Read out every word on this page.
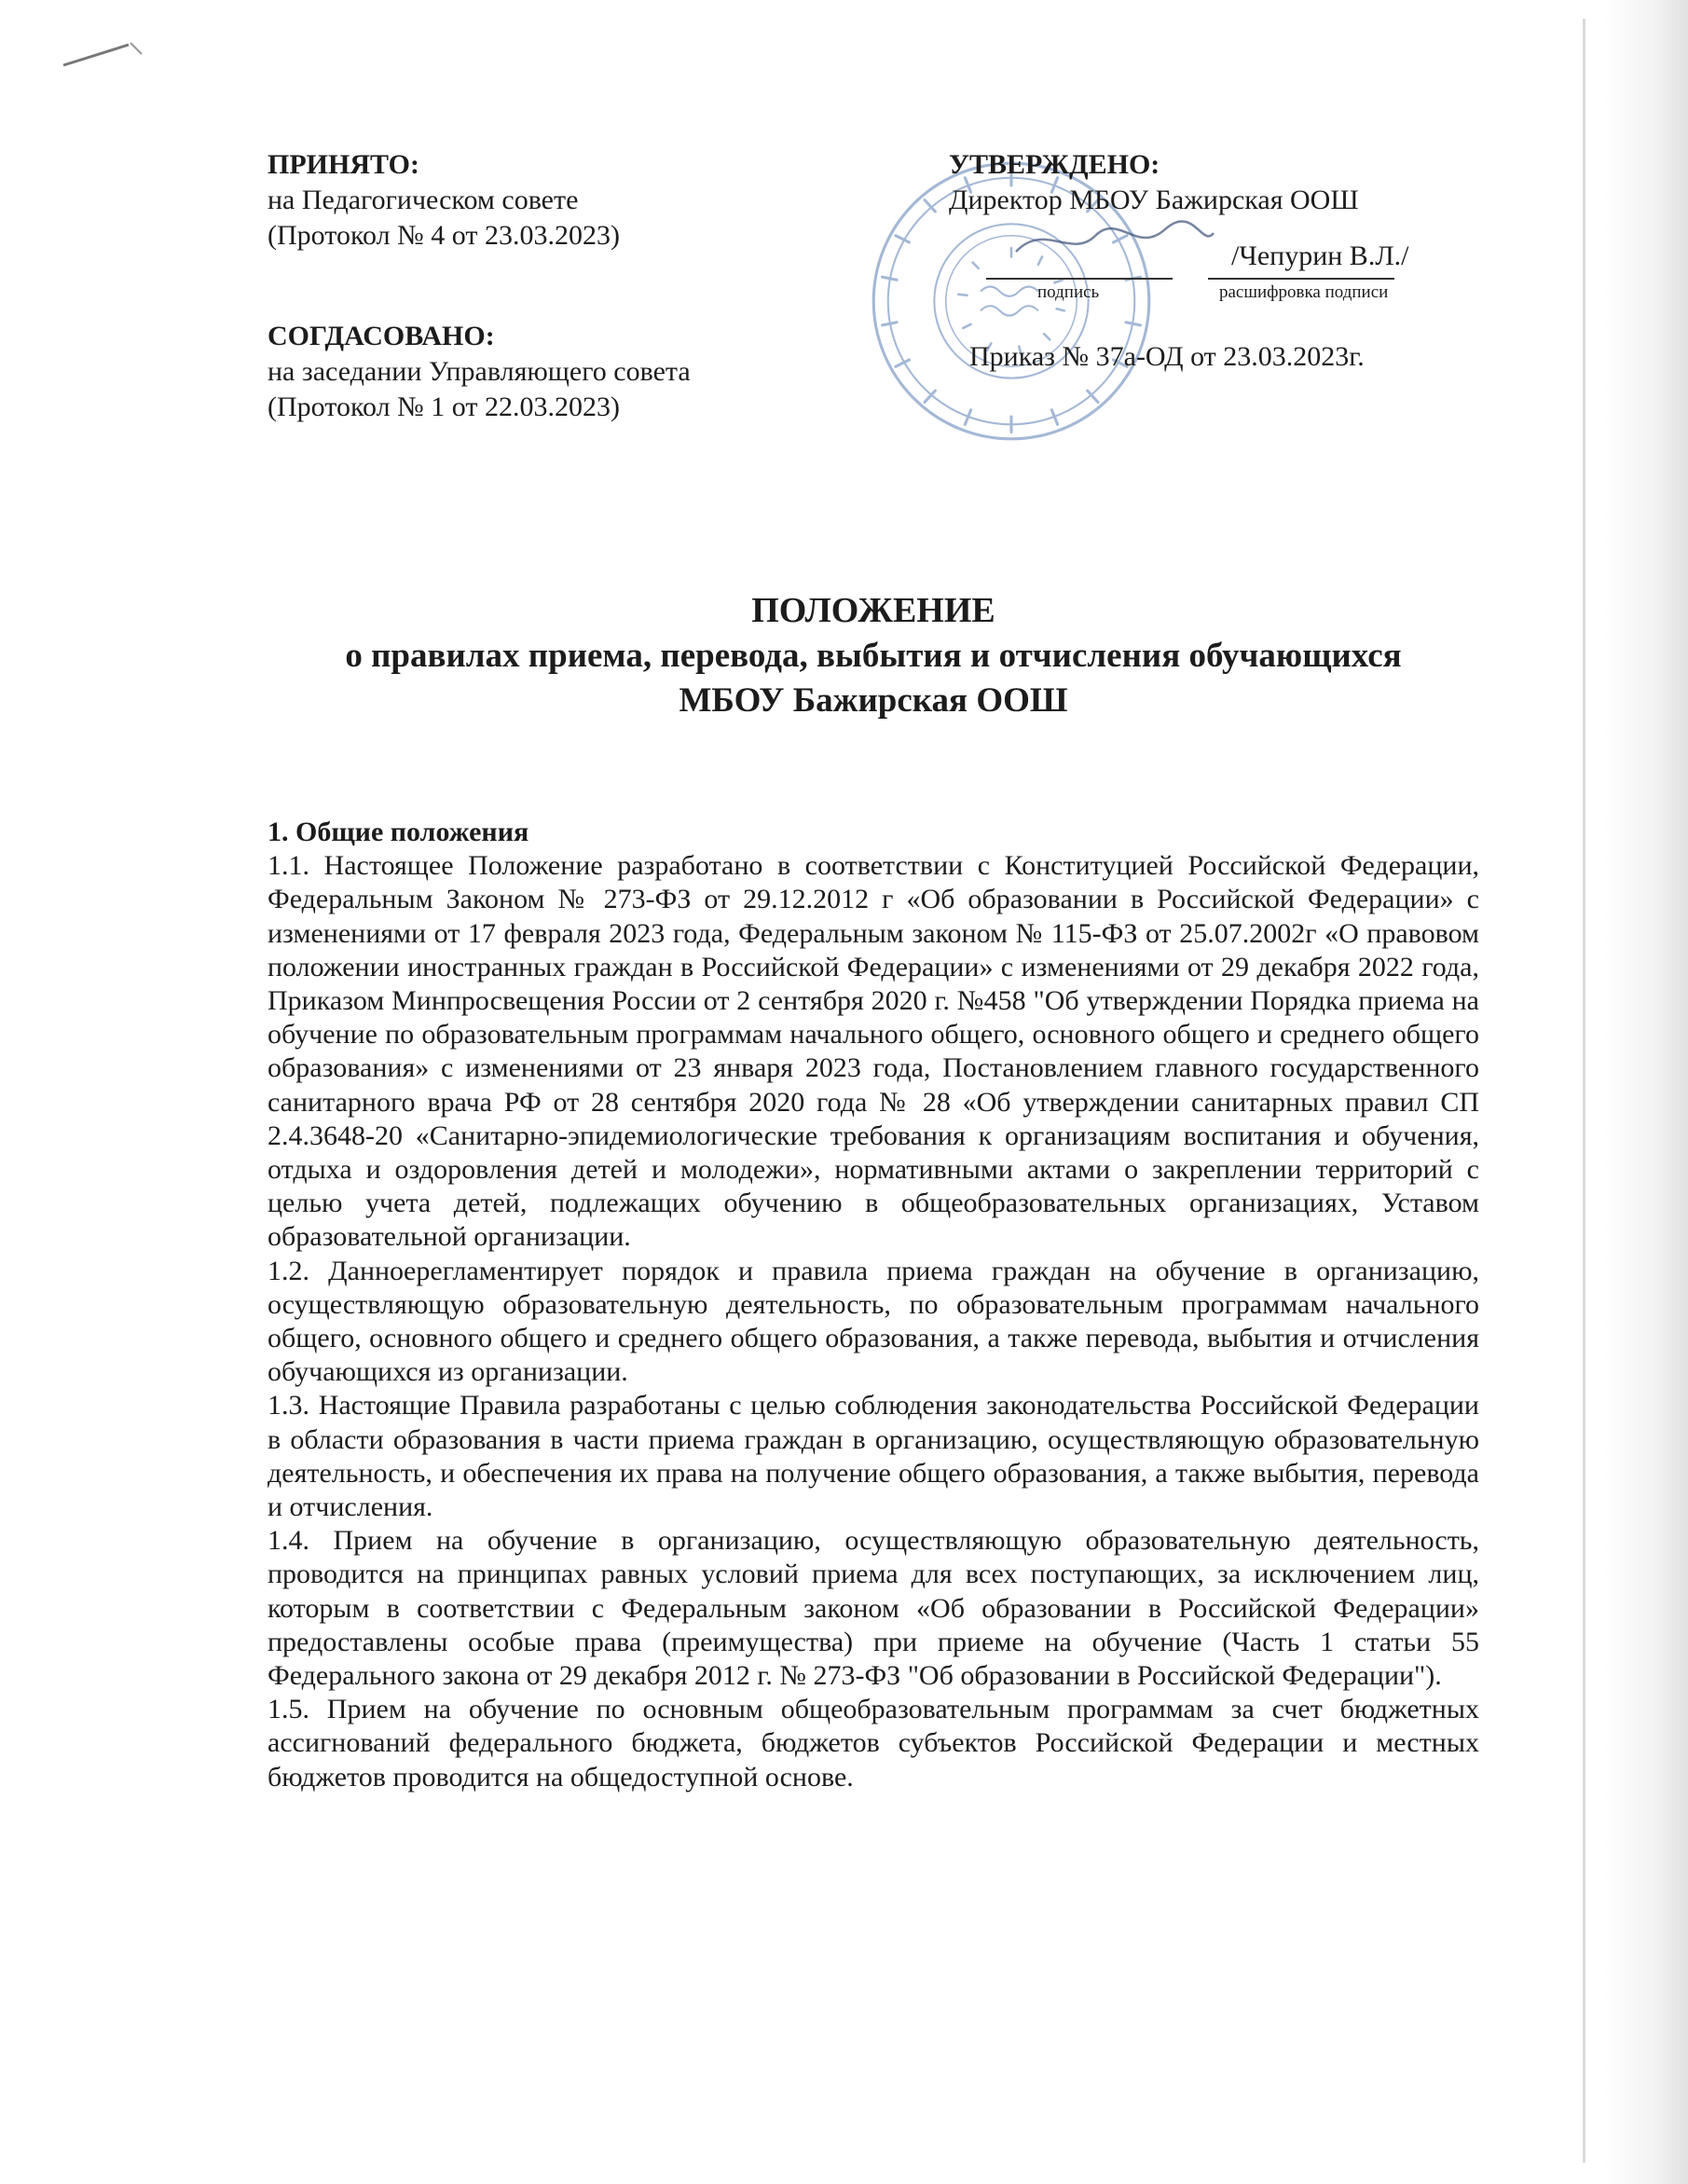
ПРИНЯТО:
на Педагогическом совете
(Протокол № 4 от 23.03.2023)
СОГДАСОВАНО:
на заседании Управляющего совета
(Протокол № 1 от 22.03.2023)
УТВЕРЖДЕНО:
Директор МБОУ Бажирская ООШ
/Чепурин В.Л./
подпись	расшифровка подписи
Приказ № 37а-ОД от 23.03.2023г.
ПОЛОЖЕНИЕ
о правилах приема, перевода, выбытия и отчисления обучающихся
МБОУ Бажирская ООШ

1. Общие положения

1.1. Настоящее Положение разработано в соответствии с Конституцией Российской Федерации, Федеральным Законом № 273-ФЗ от 29.12.2012 г «Об образовании в Российской Федерации» с изменениями от 17 февраля 2023 года, Федеральным законом № 115-ФЗ от 25.07.2002г «О правовом положении иностранных граждан в Российской Федерации» с изменениями от 29 декабря 2022 года, Приказом Минпросвещения России от 2 сентября 2020 г. №458 "Об утверждении Порядка приема на обучение по образовательным программам начального общего, основного общего и среднего общего образования» с изменениями от 23 января 2023 года, Постановлением главного государственного санитарного врача РФ от 28 сентября 2020 года № 28 «Об утверждении санитарных правил СП 2.4.3648-20 «Санитарно-эпидемиологические требования к организациям воспитания и обучения, отдыха и оздоровления детей и молодежи», нормативными актами о закреплении территорий с целью учета детей, подлежащих обучению в общеобразовательных организациях, Уставом образовательной организации.

1.2. Даннoерегламентирует порядок и правила приема граждан на обучение в организацию, осуществляющую образовательную деятельность, по образовательным программам начального общего, основного общего и среднего общего образования, а также перевода, выбытия и отчисления обучающихся из организации.

1.3. Настоящие Правила разработаны с целью соблюдения законодательства Российской Федерации в области образования в части приема граждан в организацию, осуществляющую образовательную деятельность, и обеспечения их права на получение общего образования, а также выбытия, перевода и отчисления.

1.4. Прием на обучение в организацию, осуществляющую образовательную деятельность, проводится на принципах равных условий приема для всех поступающих, за исключением лиц, которым в соответствии с Федеральным законом «Об образовании в Российской Федерации» предоставлены особые права (преимущества) при приеме на обучение (Часть 1 статьи 55 Федерального закона от 29 декабря 2012 г. № 273-ФЗ "Об образовании в Российской Федерации").

1.5. Прием на обучение по основным общеобразовательным программам за счет бюджетных ассигнований федерального бюджета, бюджетов субъектов Российской Федерации и местных бюджетов проводится на общедоступной основе.
